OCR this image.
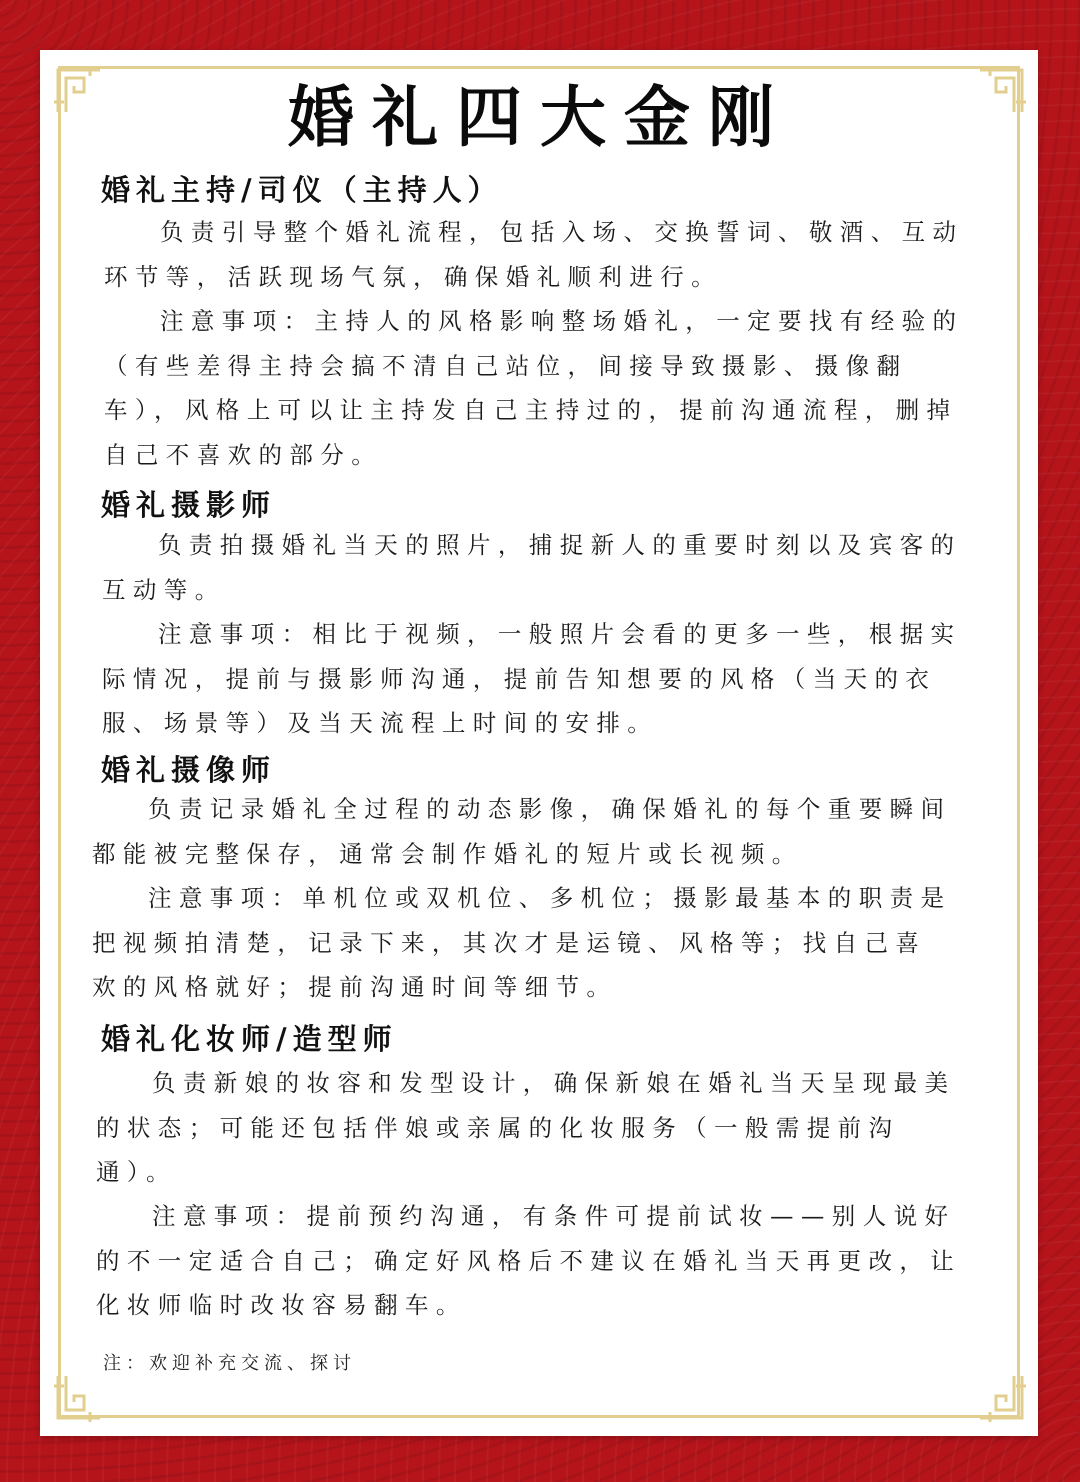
婚礼四大金刚
婚礼主持/司仪（主持人）
负责引导整个婚礼流程，包括入场、交换誓词、敬酒、互动环节等，活跃现场气氛，确保婚礼顺利进行。
注意事项：主持人的风格影响整场婚礼，一定要找有经验的（有些差得主持会搞不清自己站位，间接导致摄影、摄像翻车），风格上可以让主持发自己主持过的，提前沟通流程，删掉自己不喜欢的部分。
婚礼摄影师
负责拍摄婚礼当天的照片，捕捉新人的重要时刻以及宾客的互动等。
注意事项：相比于视频，一般照片会看的更多一些，根据实际情况，提前与摄影师沟通，提前告知想要的风格（当天的衣服、场景等）及当天流程上时间的安排。
婚礼摄像师
负责记录婚礼全过程的动态影像，确保婚礼的每个重要瞬间都能被完整保存，通常会制作婚礼的短片或长视频。
注意事项：单机位或双机位、多机位；摄影最基本的职责是把视频拍清楚，记录下来，其次才是运镜、风格等；找自己喜欢的风格就好；提前沟通时间等细节。
婚礼化妆师/造型师
负责新娘的妆容和发型设计，确保新娘在婚礼当天呈现最美的状态；可能还包括伴娘或亲属的化妆服务（一般需提前沟通）。
注意事项：提前预约沟通，有条件可提前试妆——别人说好的不一定适合自己；确定好风格后不建议在婚礼当天再更改，让化妆师临时改妆容易翻车。
注：欢迎补充交流、探讨
